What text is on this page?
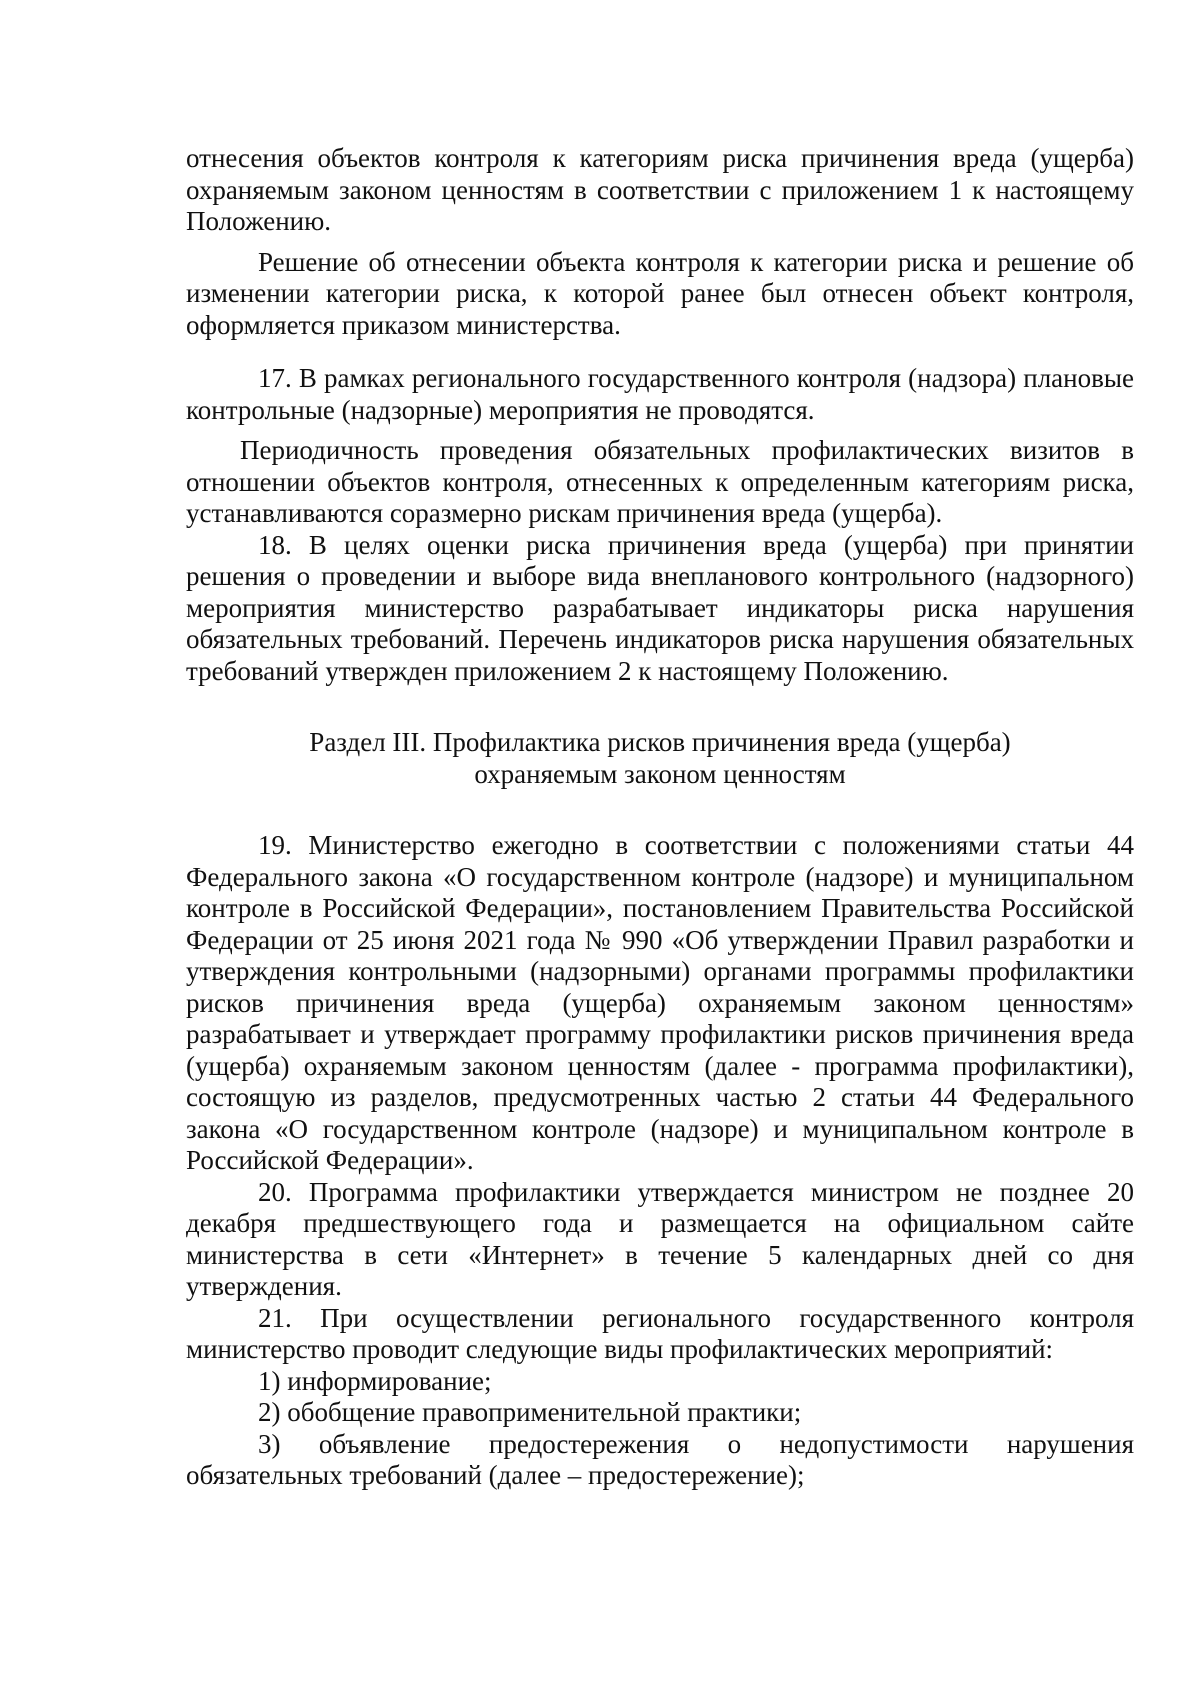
отнесения объектов контроля к категориям риска причинения вреда (ущерба) охраняемым законом ценностям в соответствии с приложением 1 к настоящему Положению.

Решение об отнесении объекта контроля к категории риска и решение об изменении категории риска, к которой ранее был отнесен объект контроля, оформляется приказом министерства.

17. В рамках регионального государственного контроля (надзора) плановые контрольные (надзорные) мероприятия не проводятся.

Периодичность проведения обязательных профилактических визитов в отношении объектов контроля, отнесенных к определенным категориям риска, устанавливаются соразмерно рискам причинения вреда (ущерба).

18. В целях оценки риска причинения вреда (ущерба) при принятии решения о проведении и выборе вида внепланового контрольного (надзорного) мероприятия министерство разрабатывает индикаторы риска нарушения обязательных требований. Перечень индикаторов риска нарушения обязательных требований утвержден приложением 2 к настоящему Положению.

Раздел III. Профилактика рисков причинения вреда (ущерба)
охраняемым законом ценностям

19. Министерство ежегодно в соответствии с положениями статьи 44 Федерального закона «О государственном контроле (надзоре) и муниципальном контроле в Российской Федерации», постановлением Правительства Российской Федерации от 25 июня 2021 года № 990 «Об утверждении Правил разработки и утверждения контрольными (надзорными) органами программы профилактики рисков причинения вреда (ущерба) охраняемым законом ценностям» разрабатывает и утверждает программу профилактики рисков причинения вреда (ущерба) охраняемым законом ценностям (далее - программа профилактики), состоящую из разделов, предусмотренных частью 2 статьи 44 Федерального закона «О государственном контроле (надзоре) и муниципальном контроле в Российской Федерации».

20. Программа профилактики утверждается министром не позднее 20 декабря предшествующего года и размещается на официальном сайте министерства в сети «Интернет» в течение 5 календарных дней со дня утверждения.

21. При осуществлении регионального государственного контроля министерство проводит следующие виды профилактических мероприятий:

1) информирование;

2) обобщение правоприменительной практики;

3) объявление предостережения о недопустимости нарушения обязательных требований (далее – предостережение);
